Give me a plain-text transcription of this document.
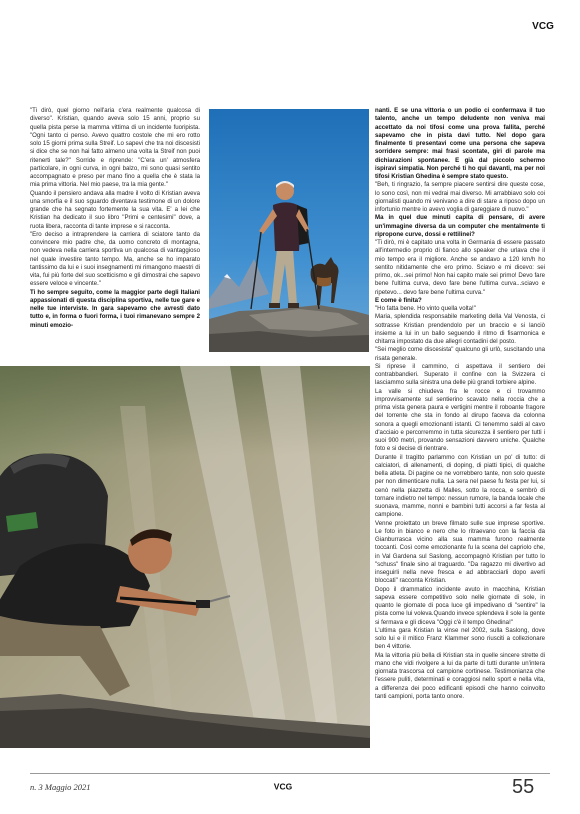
VCG

"Ti dirò, quel giorno nell'aria c'era realmente qualcosa di diverso". Kristian, quando aveva solo 15 anni, proprio su quella pista perse la mamma vittima di un incidente fuoripista. "Ogni tanto ci penso. Avevo quattro costole che mi ero rotto solo 15 giorni prima sulla Streif. Lo sapevi che tra noi discesisti si dice che se non hai fatto almeno una volta la Streif non puoi ritenerti tale?" Sorride e riprende: "C'era un' atmosfera particolare, in ogni curva, in ogni balzo, mi sono quasi sentito accompagnato e preso per mano fino a quella che è stata la mia prima vittoria. Nel mio paese, tra la mia gente."

Quando il pensiero andava alla madre il volto di Kristian aveva una smorfia e il suo sguardo diventava testimone di un dolore grande che ha segnato fortemente la sua vita. E' a lei che Kristian ha dedicato il suo libro "Primi e centesimi" dove, a ruota libera, racconta di tante imprese e si racconta.

"Ero deciso a intraprendere la carriera di sciatore tanto da convincere mio padre che, da uomo concreto di montagna, non vedeva nella carriera sportiva un qualcosa di vantaggioso nel quale investire tanto tempo. Ma, anche se ho imparato tantissimo da lui e i suoi insegnamenti mi rimangono maestri di vita, fui più forte del suo scetticismo e gli dimostrai che sapevo essere veloce e vincente."

Ti ho sempre seguito, come la maggior parte degli Italiani appassionati di questa disciplina sportiva, nelle tue gare e nelle tue interviste. In gara sapevamo che avresti dato tutto e, in forma o fuori forma, i tuoi rimanevano sempre 2 minuti emozio-

nanti. E se una vittoria o un podio ci confermava il tuo talento, anche un tempo deludente non veniva mai accettato da noi tifosi come una prova fallita, perché sapevamo che in pista davi tutto. Nel dopo gara finalmente ti presentavi come una persona che sapeva sorridere sempre: mai frasi scontate, giri di parole ma dichiarazioni spontanee. E già dal piccolo schermo ispiravi simpatia. Non perché ti ho qui davanti, ma per noi tifosi Kristian Ghedina è sempre stato questo.

"Beh, ti ringrazio, fa sempre piacere sentirsi dire queste cose, lo sono così, non mi vedrai mai diverso. Mi arrabbiavo solo coi giornalisti quando mi venivano a dire di stare a riposo dopo un infortunio mentre io avevo voglia di gareggiare di nuovo."

Ma in quel due minuti capita di pensare, di avere un'immagine diversa da un computer che mentalmente ti ripropone curve, dossi e rettilinei?

"Ti dirò, mi è capitato una volta in Germania di essere passato all'intermedio proprio di fianco allo speaker che urlava che il mio tempo era il migliore. Anche se andavo a 120 km/h ho sentito nitidamente che ero primo. Sciavo e mi dicevo: sei primo, ok...sei primo! Non hai capito male sei primo! Devo fare bene l'ultima curva, devo fare bene l'ultima curva...sciavo e ripetevo... devo fare bene l'ultima curva."

E come è finita?

"Ho fatta bene. Ho vinto quella volta!"

Maria, splendida responsabile marketing della Val Venosta, ci sottrasse Kristian prendendolo per un braccio e si lanciò insieme a lui in un ballo seguendo il ritmo di fisarmonica e chitarra impostato da due allegri contadini del posto.

"Sei meglio come discesista" qualcuno gli urlò, suscitando una risata generale.

Si riprese il cammino, ci aspettava il sentiero dei contrabbandieri. Superato il confine con la Svizzera ci lasciammo sulla sinistra una delle più grandi torbiere alpine.

La valle si chiudeva fra le rocce e ci trovammo improvvisamente sul sentierino scavato nella roccia che a prima vista genera paura e vertigini mentre il roboante fragore del torrente che sta in fondo al dirupo faceva da colonna sonora a quegli emozionanti istanti. Ci tenemmo saldi al cavo d'acciaio e percorremmo in tutta sicurezza il sentiero per tutti i suoi 900 metri, provando sensazioni davvero uniche. Qualche foto e si decise di rientrare.

Durante il tragitto parlammo con Kristian un po' di tutto: di calciatori, di allenamenti, di doping, di piatti tipici, di qualche bella atleta. Di pagine ce ne vorrebbero tante, non solo queste per non dimenticare nulla. La sera nel paese fu festa per lui, si cenò nella piazzetta di Malles, sotto la rocca, e sembrò di tornare indietro nel tempo: nessun rumore, la banda locale che suonava, mamme, nonni e bambini tutti accorsi a far festa al campione.

Venne proiettato un breve filmato sulle sue imprese sportive. Le foto in bianco e nero che lo ritraevano con la faccia da Gianburrasca vicino alla sua mamma furono realmente toccanti. Così come emozionante fu la scena del capriolo che, in Val Gardena sul Saslong, accompagnò Kristian per tutto lo "schuss" finale sino al traguardo. "Da ragazzo mi divertivo ad inseguirli nella neve fresca e ad abbracciarli dopo averli bloccati" racconta Kristian.

Dopo il drammatico incidente avuto in macchina, Kristian sapeva essere competitivo solo nelle giornate di sole, in quanto le giornate di poca luce gli impedivano di "sentire" la pista come lui voleva.Quando invece splendeva il sole la gente si fermava e gli diceva "Oggi c'è il tempo Ghedina!"

L'ultima gara Kristian la vinse nel 2002, sulla Saslong, dove solo lui e il mitico Franz Klammer sono riusciti a collezionare ben 4 vittorie.

Ma la vittoria più bella di Kristian sta in quelle sincere strette di mano che vidi rivolgere a lui da parte di tutti durante un'intera giornata trascorsa col campione cortinese. Testimonianza che l'essere puliti, determinati e coraggiosi nello sport e nella vita, a differenza dei poco edificanti episodi che hanno coinvolto tanti campioni, porta tanto onore.

n. 3 Maggio 2021	VCG	55
